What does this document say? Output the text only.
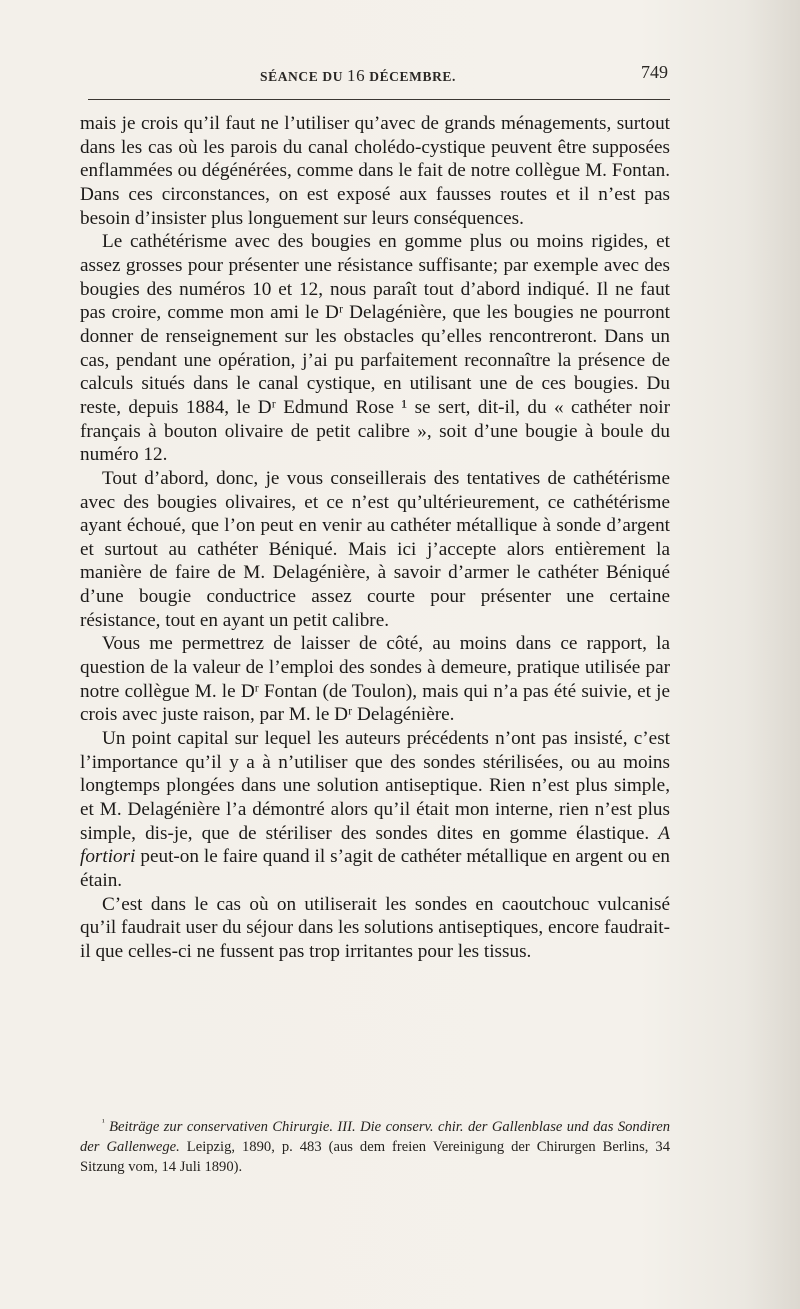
SÉANCE DU 16 DÉCEMBRE.	749

mais je crois qu’il faut ne l’utiliser qu’avec de grands ménagements, surtout dans les cas où les parois du canal cholédo-cystique peuvent être supposées enflammées ou dégénérées, comme dans le fait de notre collègue M. Fontan. Dans ces circonstances, on est exposé aux fausses routes et il n’est pas besoin d’insister plus longuement sur leurs conséquences.

Le cathétérisme avec des bougies en gomme plus ou moins rigides, et assez grosses pour présenter une résistance suffisante; par exemple avec des bougies des numéros 10 et 12, nous paraît tout d’abord indiqué. Il ne faut pas croire, comme mon ami le Dʳ Delagénière, que les bougies ne pourront donner de renseignement sur les obstacles qu’elles rencontreront. Dans un cas, pendant une opération, j’ai pu parfaitement reconnaître la présence de calculs situés dans le canal cystique, en utilisant une de ces bougies. Du reste, depuis 1884, le Dʳ Edmund Rose ¹ se sert, dit-il, du « cathéter noir français à bouton olivaire de petit calibre », soit d’une bougie à boule du numéro 12.

Tout d’abord, donc, je vous conseillerais des tentatives de cathétérisme avec des bougies olivaires, et ce n’est qu’ultérieurement, ce cathétérisme ayant échoué, que l’on peut en venir au cathéter métallique à sonde d’argent et surtout au cathéter Béniqué. Mais ici j’accepte alors entièrement la manière de faire de M. Delagénière, à savoir d’armer le cathéter Béniqué d’une bougie conductrice assez courte pour présenter une certaine résistance, tout en ayant un petit calibre.

Vous me permettrez de laisser de côté, au moins dans ce rapport, la question de la valeur de l’emploi des sondes à demeure, pratique utilisée par notre collègue M. le Dʳ Fontan (de Toulon), mais qui n’a pas été suivie, et je crois avec juste raison, par M. le Dʳ Delagénière.

Un point capital sur lequel les auteurs précédents n’ont pas insisté, c’est l’importance qu’il y a à n’utiliser que des sondes stérilisées, ou au moins longtemps plongées dans une solution antiseptique. Rien n’est plus simple, et M. Delagénière l’a démontré alors qu’il était mon interne, rien n’est plus simple, dis-je, que de stériliser des sondes dites en gomme élastique. A fortiori peut-on le faire quand il s’agit de cathéter métallique en argent ou en étain.

C’est dans le cas où on utiliserait les sondes en caoutchouc vulcanisé qu’il faudrait user du séjour dans les solutions antiseptiques, encore faudrait-il que celles-ci ne fussent pas trop irritantes pour les tissus.

$^{^1}$ Beiträge zur conservativen Chirurgie. III. Die conserv. chir. der Gallenblase und das Sondiren der Gallenwege. Leipzig, 1890, p. 483 (aus dem freien Vereinigung der Chirurgen Berlins, 34 Sitzung vom, 14 Juli 1890).
